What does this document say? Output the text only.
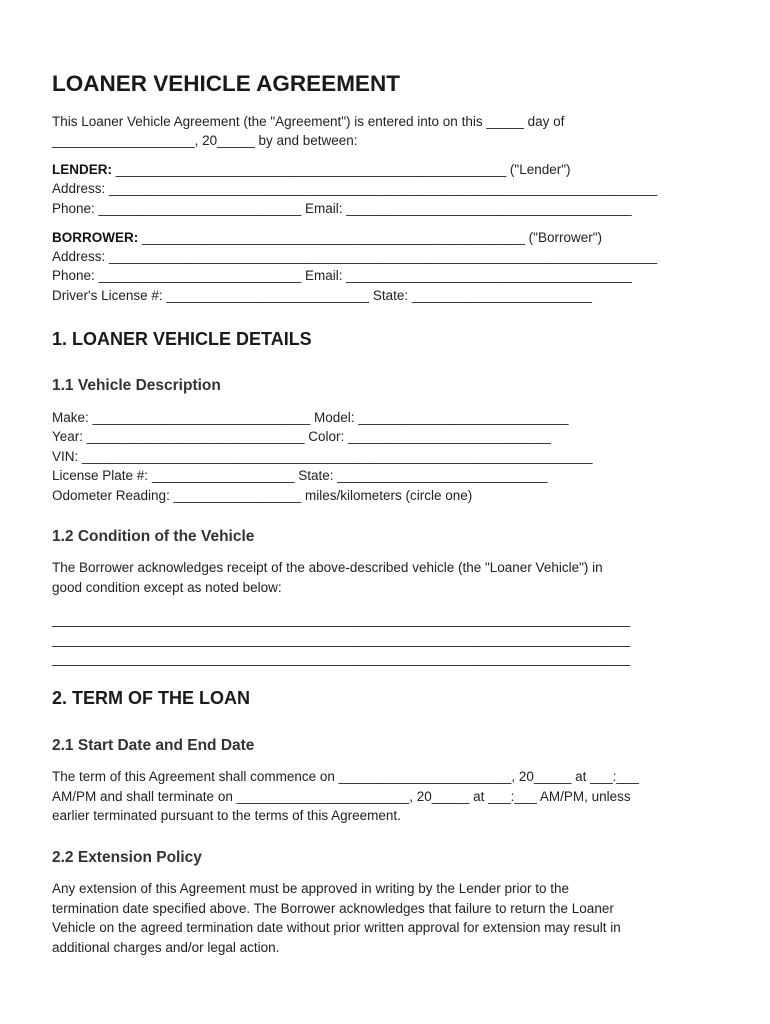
LOANER VEHICLE AGREEMENT
This Loaner Vehicle Agreement (the "Agreement") is entered into on this _____ day of
___________________, 20_____ by and between:
LENDER: ____________________________________________________ ("Lender")
Address: _________________________________________________________________________
Phone: ___________________________ Email: ______________________________________
BORROWER: ___________________________________________________ ("Borrower")
Address: _________________________________________________________________________
Phone: ___________________________ Email: ______________________________________
Driver's License #: ___________________________ State: ________________________
1. LOANER VEHICLE DETAILS
1.1 Vehicle Description
Make: _____________________________ Model: ____________________________
Year: _____________________________ Color: ___________________________
VIN: ____________________________________________________________________
License Plate #: ___________________ State: ____________________________
Odometer Reading: _________________ miles/kilometers (circle one)
1.2 Condition of the Vehicle
The Borrower acknowledges receipt of the above-described vehicle (the "Loaner Vehicle") in
good condition except as noted below:
_____________________________________________________________________________
_____________________________________________________________________________
_____________________________________________________________________________
2. TERM OF THE LOAN
2.1 Start Date and End Date
The term of this Agreement shall commence on _______________________, 20_____ at ___:___
AM/PM and shall terminate on _______________________, 20_____ at ___:___ AM/PM, unless
earlier terminated pursuant to the terms of this Agreement.
2.2 Extension Policy
Any extension of this Agreement must be approved in writing by the Lender prior to the
termination date specified above. The Borrower acknowledges that failure to return the Loaner
Vehicle on the agreed termination date without prior written approval for extension may result in
additional charges and/or legal action.
